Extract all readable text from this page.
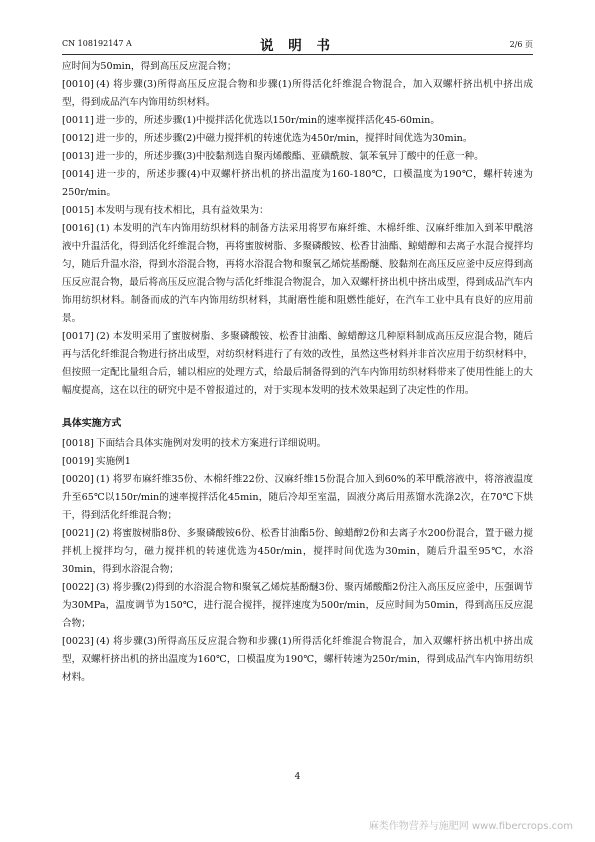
CN 108192147 A	说 明 书	2/6 页

应时间为50min，得到高压反应混合物；

[0010] (4) 将步骤(3)所得高压反应混合物和步骤(1)所得活化纤维混合物混合，加入双螺杆挤出机中挤出成型，得到成品汽车内饰用纺织材料。

[0011] 进一步的，所述步骤(1)中搅拌活化优选以150r/min的速率搅拌活化45-60min。

[0012] 进一步的，所述步骤(2)中磁力搅拌机的转速优选为450r/min，搅拌时间优选为30min。

[0013] 进一步的，所述步骤(3)中胶黏剂选自聚丙烯酸酯、亚磺酰胺、氯苯氧异丁酸中的任意一种。

[0014] 进一步的，所述步骤(4)中双螺杆挤出机的挤出温度为160-180℃，口模温度为190℃，螺杆转速为250r/min。

[0015] 本发明与现有技术相比，具有益效果为：

[0016] (1) 本发明的汽车内饰用纺织材料的制备方法采用将罗布麻纤维、木棉纤维、汉麻纤维加入到苯甲酰溶液中升温活化，得到活化纤维混合物，再将蜜胺树脂、多聚磷酸铵、松香甘油酯、鲸蜡醇和去离子水混合搅拌均匀，随后升温水浴，得到水浴混合物，再将水浴混合物和聚氧乙烯烷基酚醚、胶黏剂在高压反应釜中反应得到高压反应混合物，最后将高压反应混合物与活化纤维混合物混合，加入双螺杆挤出机中挤出成型，得到成品汽车内饰用纺织材料。制备而成的汽车内饰用纺织材料，其耐磨性能和阻燃性能好，在汽车工业中具有良好的应用前景。

[0017] (2) 本发明采用了蜜胺树脂、多聚磷酸铵、松香甘油酯、鲸蜡醇这几种原料制成高压反应混合物，随后再与活化纤维混合物进行挤出成型，对纺织材料进行了有效的改性，虽然这些材料并非首次应用于纺织材料中，但按照一定配比量组合后，辅以相应的处理方式，给最后制备得到的汽车内饰用纺织材料带来了使用性能上的大幅度提高，这在以往的研究中是不曾报道过的，对于实现本发明的技术效果起到了决定性的作用。

具体实施方式

[0018] 下面结合具体实施例对发明的技术方案进行详细说明。

[0019] 实施例1

[0020] (1) 将罗布麻纤维35份、木棉纤维22份、汉麻纤维15份混合加入到60%的苯甲酰溶液中，将溶液温度升至65℃以150r/min的速率搅拌活化45min，随后冷却至室温，固液分离后用蒸馏水洗涤2次，在70℃下烘干，得到活化纤维混合物；

[0021] (2) 将蜜胺树脂8份、多聚磷酸铵6份、松香甘油酯5份、鲸蜡醇2份和去离子水200份混合，置于磁力搅拌机上搅拌均匀，磁力搅拌机的转速优选为450r/min，搅拌时间优选为30min，随后升温至95℃，水浴30min，得到水浴混合物；

[0022] (3) 将步骤(2)得到的水浴混合物和聚氧乙烯烷基酚醚3份、聚丙烯酸酯2份注入高压反应釜中，压强调节为30MPa，温度调节为150℃，进行混合搅拌，搅拌速度为500r/min，反应时间为50min，得到高压反应混合物；

[0023] (4) 将步骤(3)所得高压反应混合物和步骤(1)所得活化纤维混合物混合，加入双螺杆挤出机中挤出成型，双螺杆挤出机的挤出温度为160℃，口模温度为190℃，螺杆转速为250r/min，得到成品汽车内饰用纺织材料。

4
麻类作物营养与施肥网 www.fibercrops.com
